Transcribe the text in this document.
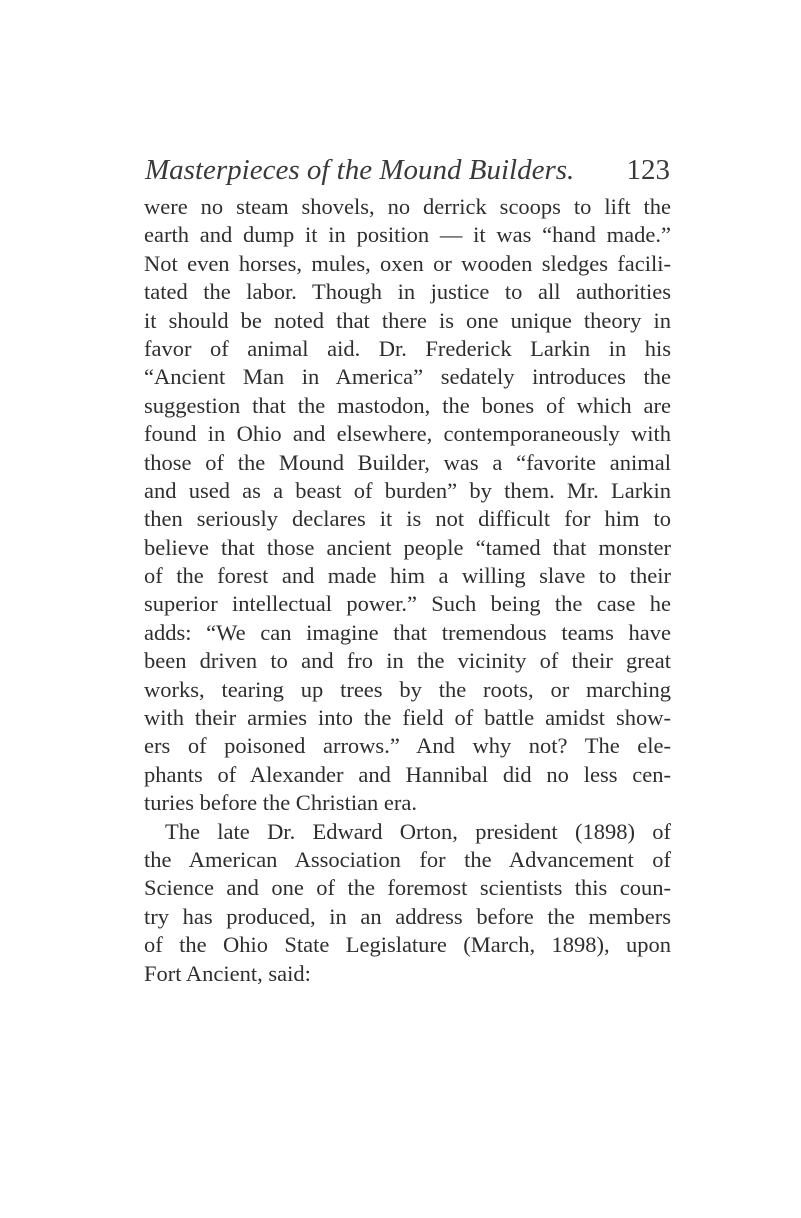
Masterpieces of the Mound Builders. 123
were no steam shovels, no derrick scoops to lift the
earth and dump it in position — it was “hand made.”
Not even horses, mules, oxen or wooden sledges facili-
tated the labor. Though in justice to all authorities
it should be noted that there is one unique theory in
favor of animal aid. Dr. Frederick Larkin in his
“Ancient Man in America” sedately introduces the
suggestion that the mastodon, the bones of which are
found in Ohio and elsewhere, contemporaneously with
those of the Mound Builder, was a “favorite animal
and used as a beast of burden” by them. Mr. Larkin
then seriously declares it is not difficult for him to
believe that those ancient people “tamed that monster
of the forest and made him a willing slave to their
superior intellectual power.” Such being the case he
adds: “We can imagine that tremendous teams have
been driven to and fro in the vicinity of their great
works, tearing up trees by the roots, or marching
with their armies into the field of battle amidst show-
ers of poisoned arrows.” And why not? The ele-
phants of Alexander and Hannibal did no less cen-
turies before the Christian era.
The late Dr. Edward Orton, president (1898) of
the American Association for the Advancement of
Science and one of the foremost scientists this coun-
try has produced, in an address before the members
of the Ohio State Legislature (March, 1898), upon
Fort Ancient, said:
